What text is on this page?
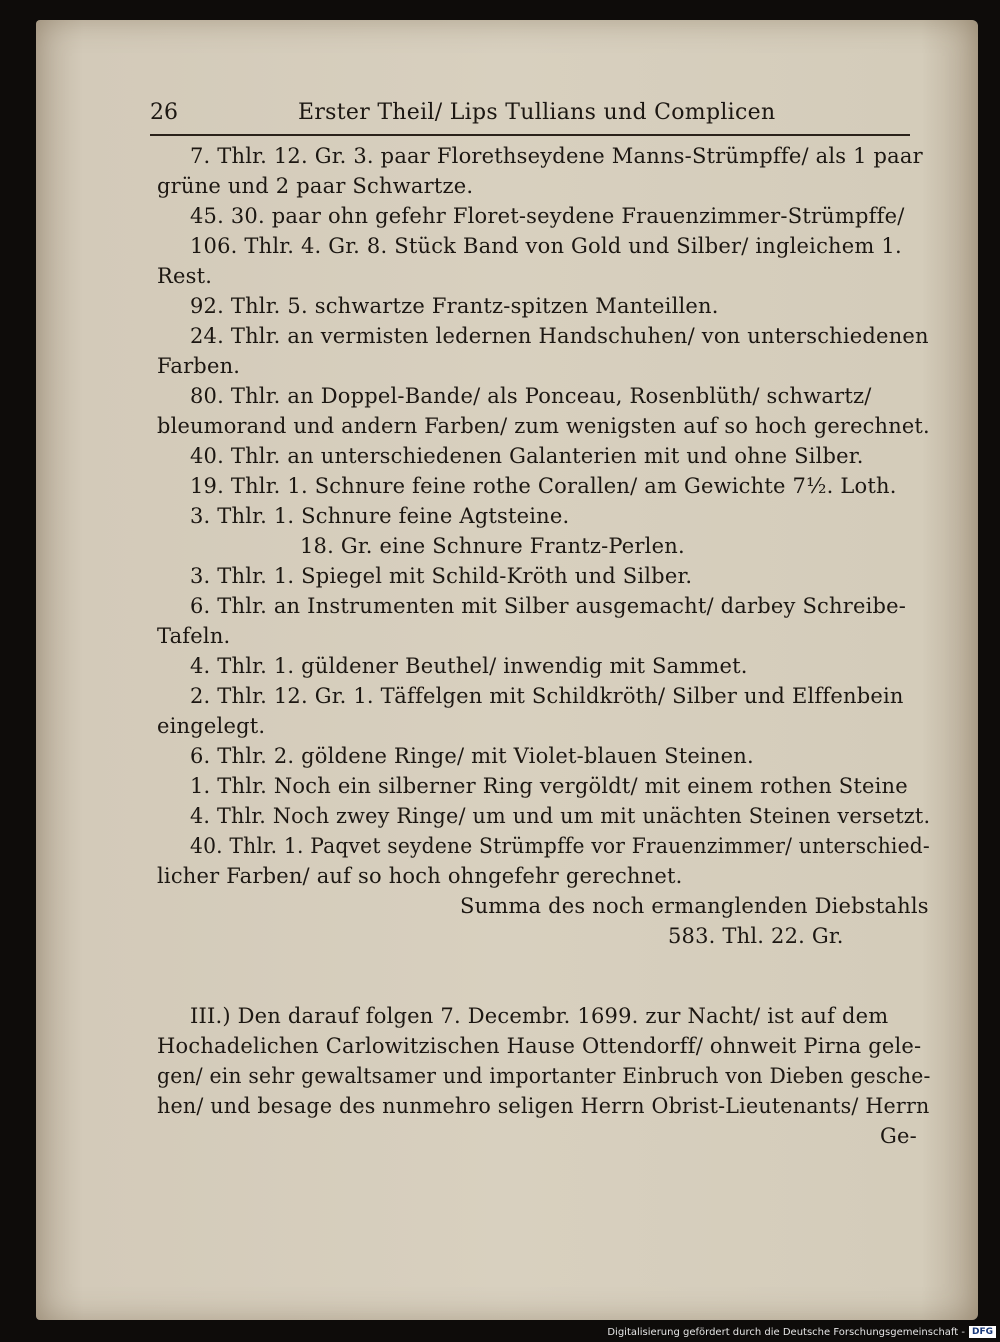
26	Erster Theil/ Lips Tullians und Complicen
7. Thlr. 12. Gr. 3. paar Florethseydene Manns-Strümpffe/ als 1 paar
grüne und 2 paar Schwartze.
45. 30. paar ohn gefehr Floret-seydene Frauenzimmer-Strümpffe/
106. Thlr. 4. Gr. 8. Stück Band von Gold und Silber/ ingleichem 1.
Rest.
92. Thlr. 5. schwartze Frantz-spitzen Manteillen.
24. Thlr. an vermisten ledernen Handschuhen/ von unterschiedenen
Farben.
80. Thlr. an Doppel-Bande/ als Ponceau, Rosenblüth/ schwartz/
bleumorand und andern Farben/ zum wenigsten auf so hoch gerechnet.
40. Thlr. an unterschiedenen Galanterien mit und ohne Silber.
19. Thlr. 1. Schnure feine rothe Corallen/ am Gewichte 7½. Loth.
3. Thlr. 1. Schnure feine Agtsteine.
18. Gr. eine Schnure Frantz-Perlen.
3. Thlr. 1. Spiegel mit Schild-Kröth und Silber.
6. Thlr. an Instrumenten mit Silber ausgemacht/ darbey Schreibe-
Tafeln.
4. Thlr. 1. güldener Beuthel/ inwendig mit Sammet.
2. Thlr. 12. Gr. 1. Täffelgen mit Schildkröth/ Silber und Elffenbein
eingelegt.
6. Thlr. 2. göldene Ringe/ mit Violet-blauen Steinen.
1. Thlr. Noch ein silberner Ring vergöldt/ mit einem rothen Steine
4. Thlr. Noch zwey Ringe/ um und um mit unächten Steinen versetzt.
40. Thlr. 1. Paqvet seydene Strümpffe vor Frauenzimmer/ unterschied-
licher Farben/ auf so hoch ohngefehr gerechnet.
Summa des noch ermanglenden Diebstahls
583. Thl. 22. Gr.
III.) Den darauf folgen 7. Decembr. 1699. zur Nacht/ ist auf dem
Hochadelichen Carlowitzischen Hause Ottendorff/ ohnweit Pirna gele-
gen/ ein sehr gewaltsamer und importanter Einbruch von Dieben gesche-
hen/ und besage des nunmehro seligen Herrn Obrist-Lieutenants/ Herrn
Ge-
Digitalisierung gefördert durch die Deutsche Forschungsgemeinschaft - DFG
